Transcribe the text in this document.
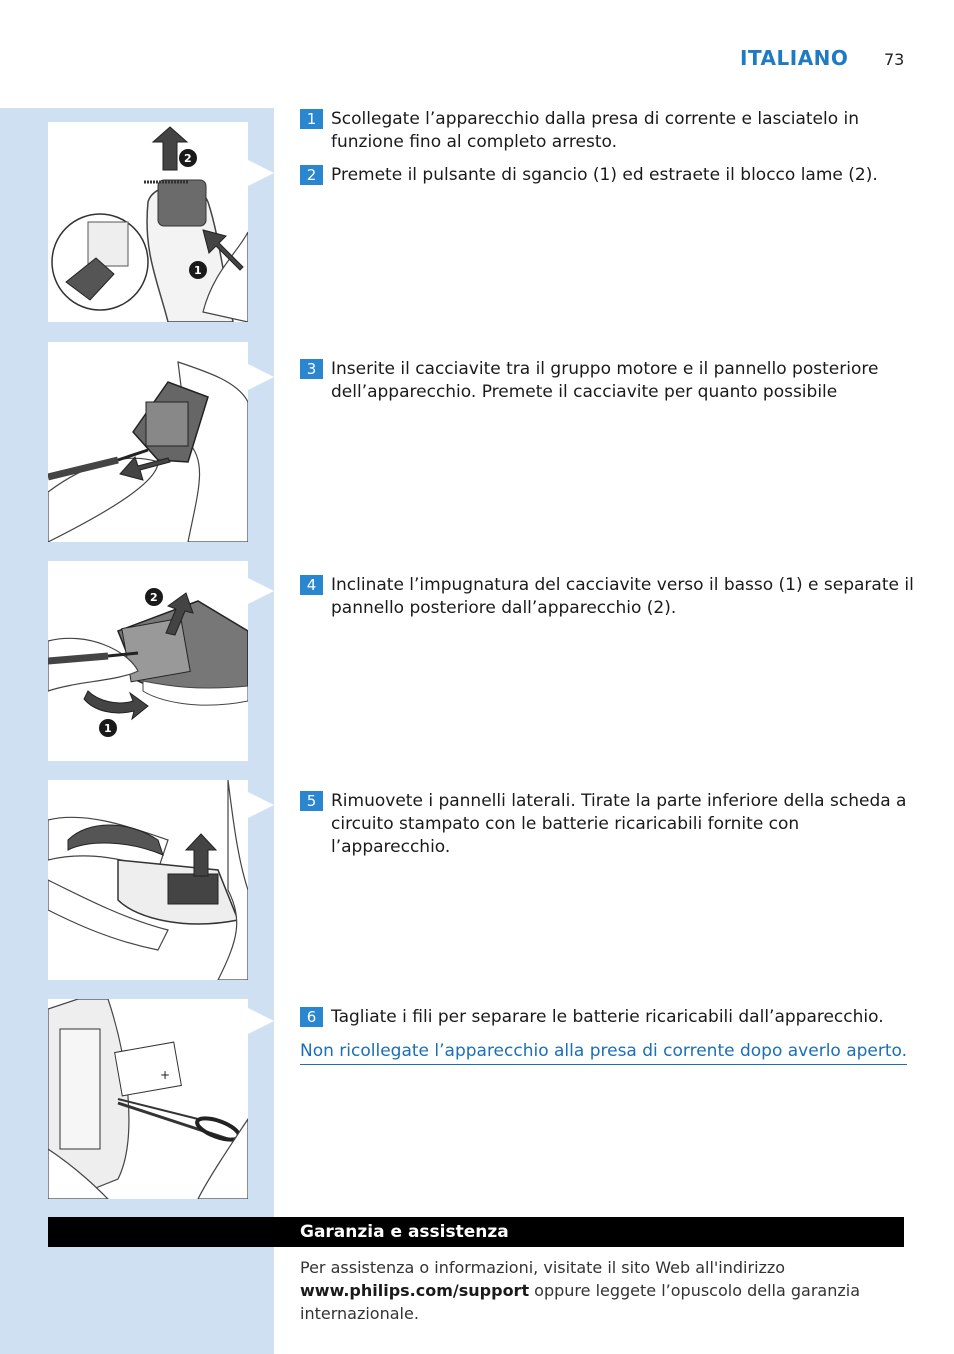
ITALIANO 73
2
1
2
1
+
1 Scollegate l’apparecchio dalla presa di corrente e lasciatelo in funzione fino al completo arresto.
2 Premete il pulsante di sgancio (1) ed estraete il blocco lame (2).
3 Inserite il cacciavite tra il gruppo motore e il pannello posteriore dell’apparecchio. Premete il cacciavite per quanto possibile
4 Inclinate l’impugnatura del cacciavite verso il basso (1) e separate il pannello posteriore dall’apparecchio (2).
5 Rimuovete i pannelli laterali. Tirate la parte inferiore della scheda a circuito stampato con le batterie ricaricabili fornite con l’apparecchio.
6 Tagliate i fili per separare le batterie ricaricabili dall’apparecchio.
Non ricollegate l’apparecchio alla presa di corrente dopo averlo aperto.
Garanzia e assistenza
Per assistenza o informazioni, visitate il sito Web all'indirizzo www.philips.com/support oppure leggete l’opuscolo della garanzia internazionale.
